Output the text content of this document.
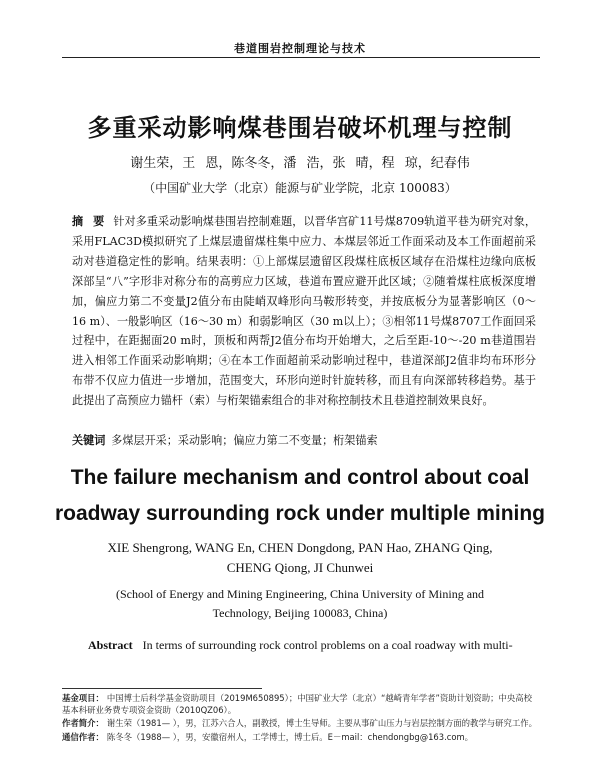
巷道围岩控制理论与技术
多重采动影响煤巷围岩破坏机理与控制
谢生荣，王 恩，陈冬冬，潘 浩，张 晴，程 琼，纪春伟
（中国矿业大学（北京）能源与矿业学院，北京 100083）
摘 要 针对多重采动影响煤巷围岩控制难题，以晋华宫矿11号煤8709轨道平巷为研究对象，采用FLAC3D模拟研究了上煤层遗留煤柱集中应力、本煤层邻近工作面采动及本工作面超前采动对巷道稳定性的影响。结果表明：①上部煤层遗留区段煤柱底板区域存在沿煤柱边缘向底板深部呈“八”字形非对称分布的高剪应力区域，巷道布置应避开此区域；②随着煤柱底板深度增加，偏应力第二不变量J2值分布由陡峭双峰形向马鞍形转变，并按底板分为显著影响区（0～16 m）、一般影响区（16～30 m）和弱影响区（30 m以上）；③相邻11号煤8707工作面回采过程中，在距掘面20 m时，顶板和两帮J2值分布均开始增大，之后至距-10～-20 m巷道围岩进入相邻工作面采动影响期；④在本工作面超前采动影响过程中，巷道深部J2值非均布环形分布带不仅应力值进一步增加，范围变大，环形向逆时针旋转移，而且有向深部转移趋势。基于此提出了高预应力锚杆（索）与桁架锚索组合的非对称控制技术且巷道控制效果良好。
关键词 多煤层开采；采动影响；偏应力第二不变量；桁架锚索
The failure mechanism and control about coal
roadway surrounding rock under multiple mining
XIE Shengrong, WANG En, CHEN Dongdong, PAN Hao, ZHANG Qing, CHENG Qiong, JI Chunwei
(School of Energy and Mining Engineering, China University of Mining and Technology, Beijing 100083, China)
Abstract In terms of surrounding rock control problems on a coal roadway with multi-
基金项目： 中国博士后科学基金资助项目（2019M650895）；中国矿业大学（北京）“越崎青年学者”资助计划资助；中央高校基本科研业务费专项资金资助（2010QZ06）。
作者简介： 谢生荣（1981— ），男，江苏六合人，副教授，博士生导师。主要从事矿山压力与岩层控制方面的教学与研究工作。
通信作者： 陈冬冬（1988— ），男，安徽宿州人，工学博士，博士后。E－mail：chendongbg@163.com。
